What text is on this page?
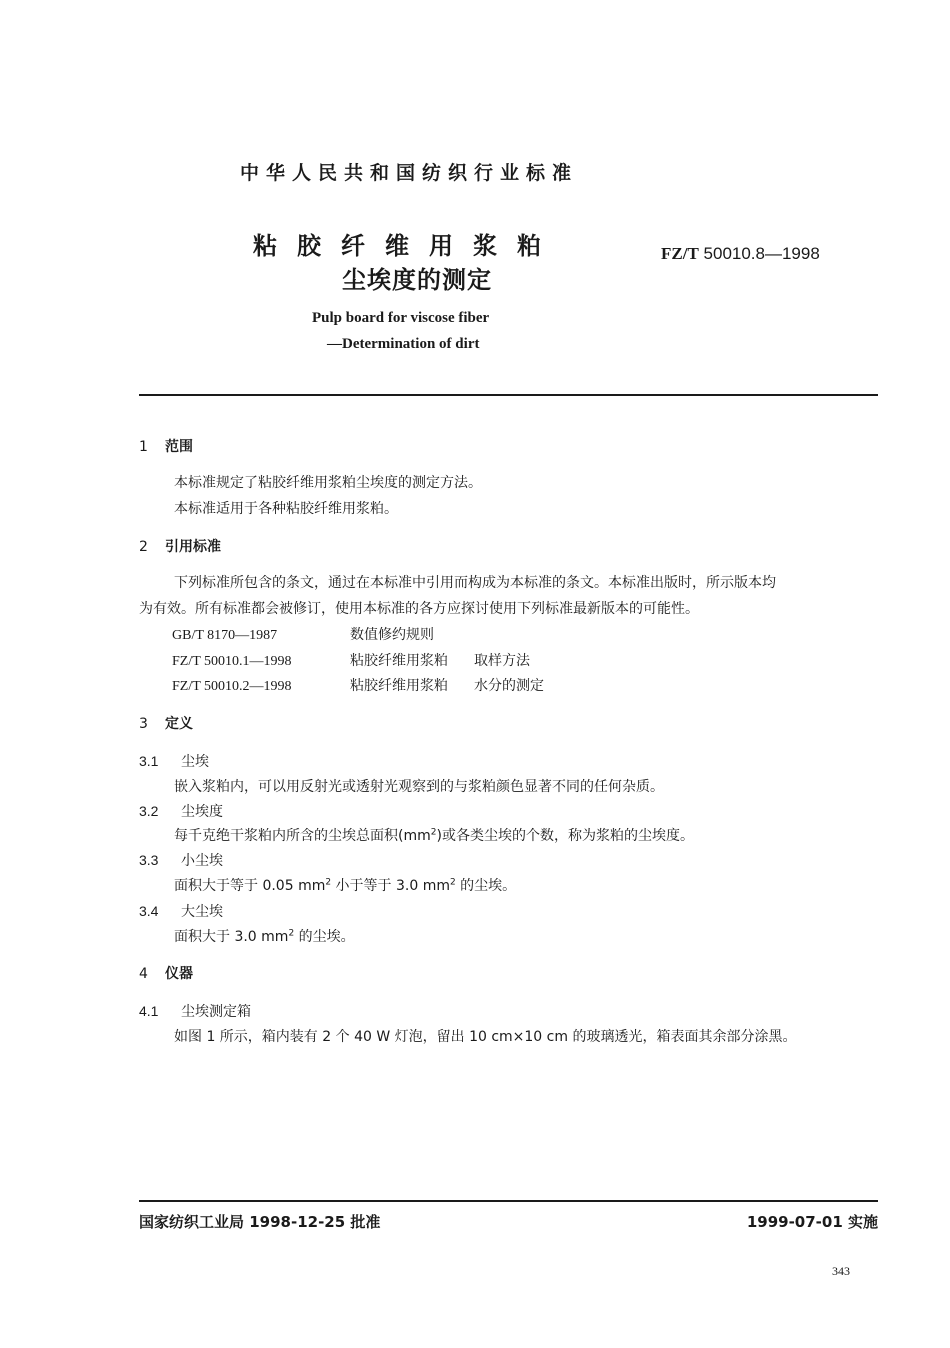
中华人民共和国纺织行业标准
粘胶纤维用浆粕
尘埃度的测定
FZ/T 50010.8—1998
Pulp board for viscose fiber
—Determination of dirt
1 范围
本标准规定了粘胶纤维用浆粕尘埃度的测定方法。
本标准适用于各种粘胶纤维用浆粕。
2 引用标准
下列标准所包含的条文，通过在本标准中引用而构成为本标准的条文。本标准出版时，所示版本均
为有效。所有标准都会被修订，使用本标准的各方应探讨使用下列标准最新版本的可能性。
GB/T 8170—1987	数值修约规则
FZ/T 50010.1—1998	粘胶纤维用浆粕 取样方法
FZ/T 50010.2—1998	粘胶纤维用浆粕 水分的测定
3 定义
3.1 尘埃
嵌入浆粕内，可以用反射光或透射光观察到的与浆粕颜色显著不同的任何杂质。
3.2 尘埃度
每千克绝干浆粕内所含的尘埃总面积$(mm^2)$或各类尘埃的个数，称为浆粕的尘埃度。
3.3 小尘埃
面积大于等于 0.05 $mm^2$ 小于等于 3.0 $mm^2$ 的尘埃。
3.4 大尘埃
面积大于 3.0 $mm^2$ 的尘埃。
4 仪器
4.1 尘埃测定箱
如图 1 所示，箱内装有 2 个 40 W 灯泡，留出 10 cm×10 cm 的玻璃透光，箱表面其余部分涂黑。
国家纺织工业局 1998-12-25 批准	1999-07-01 实施
343
